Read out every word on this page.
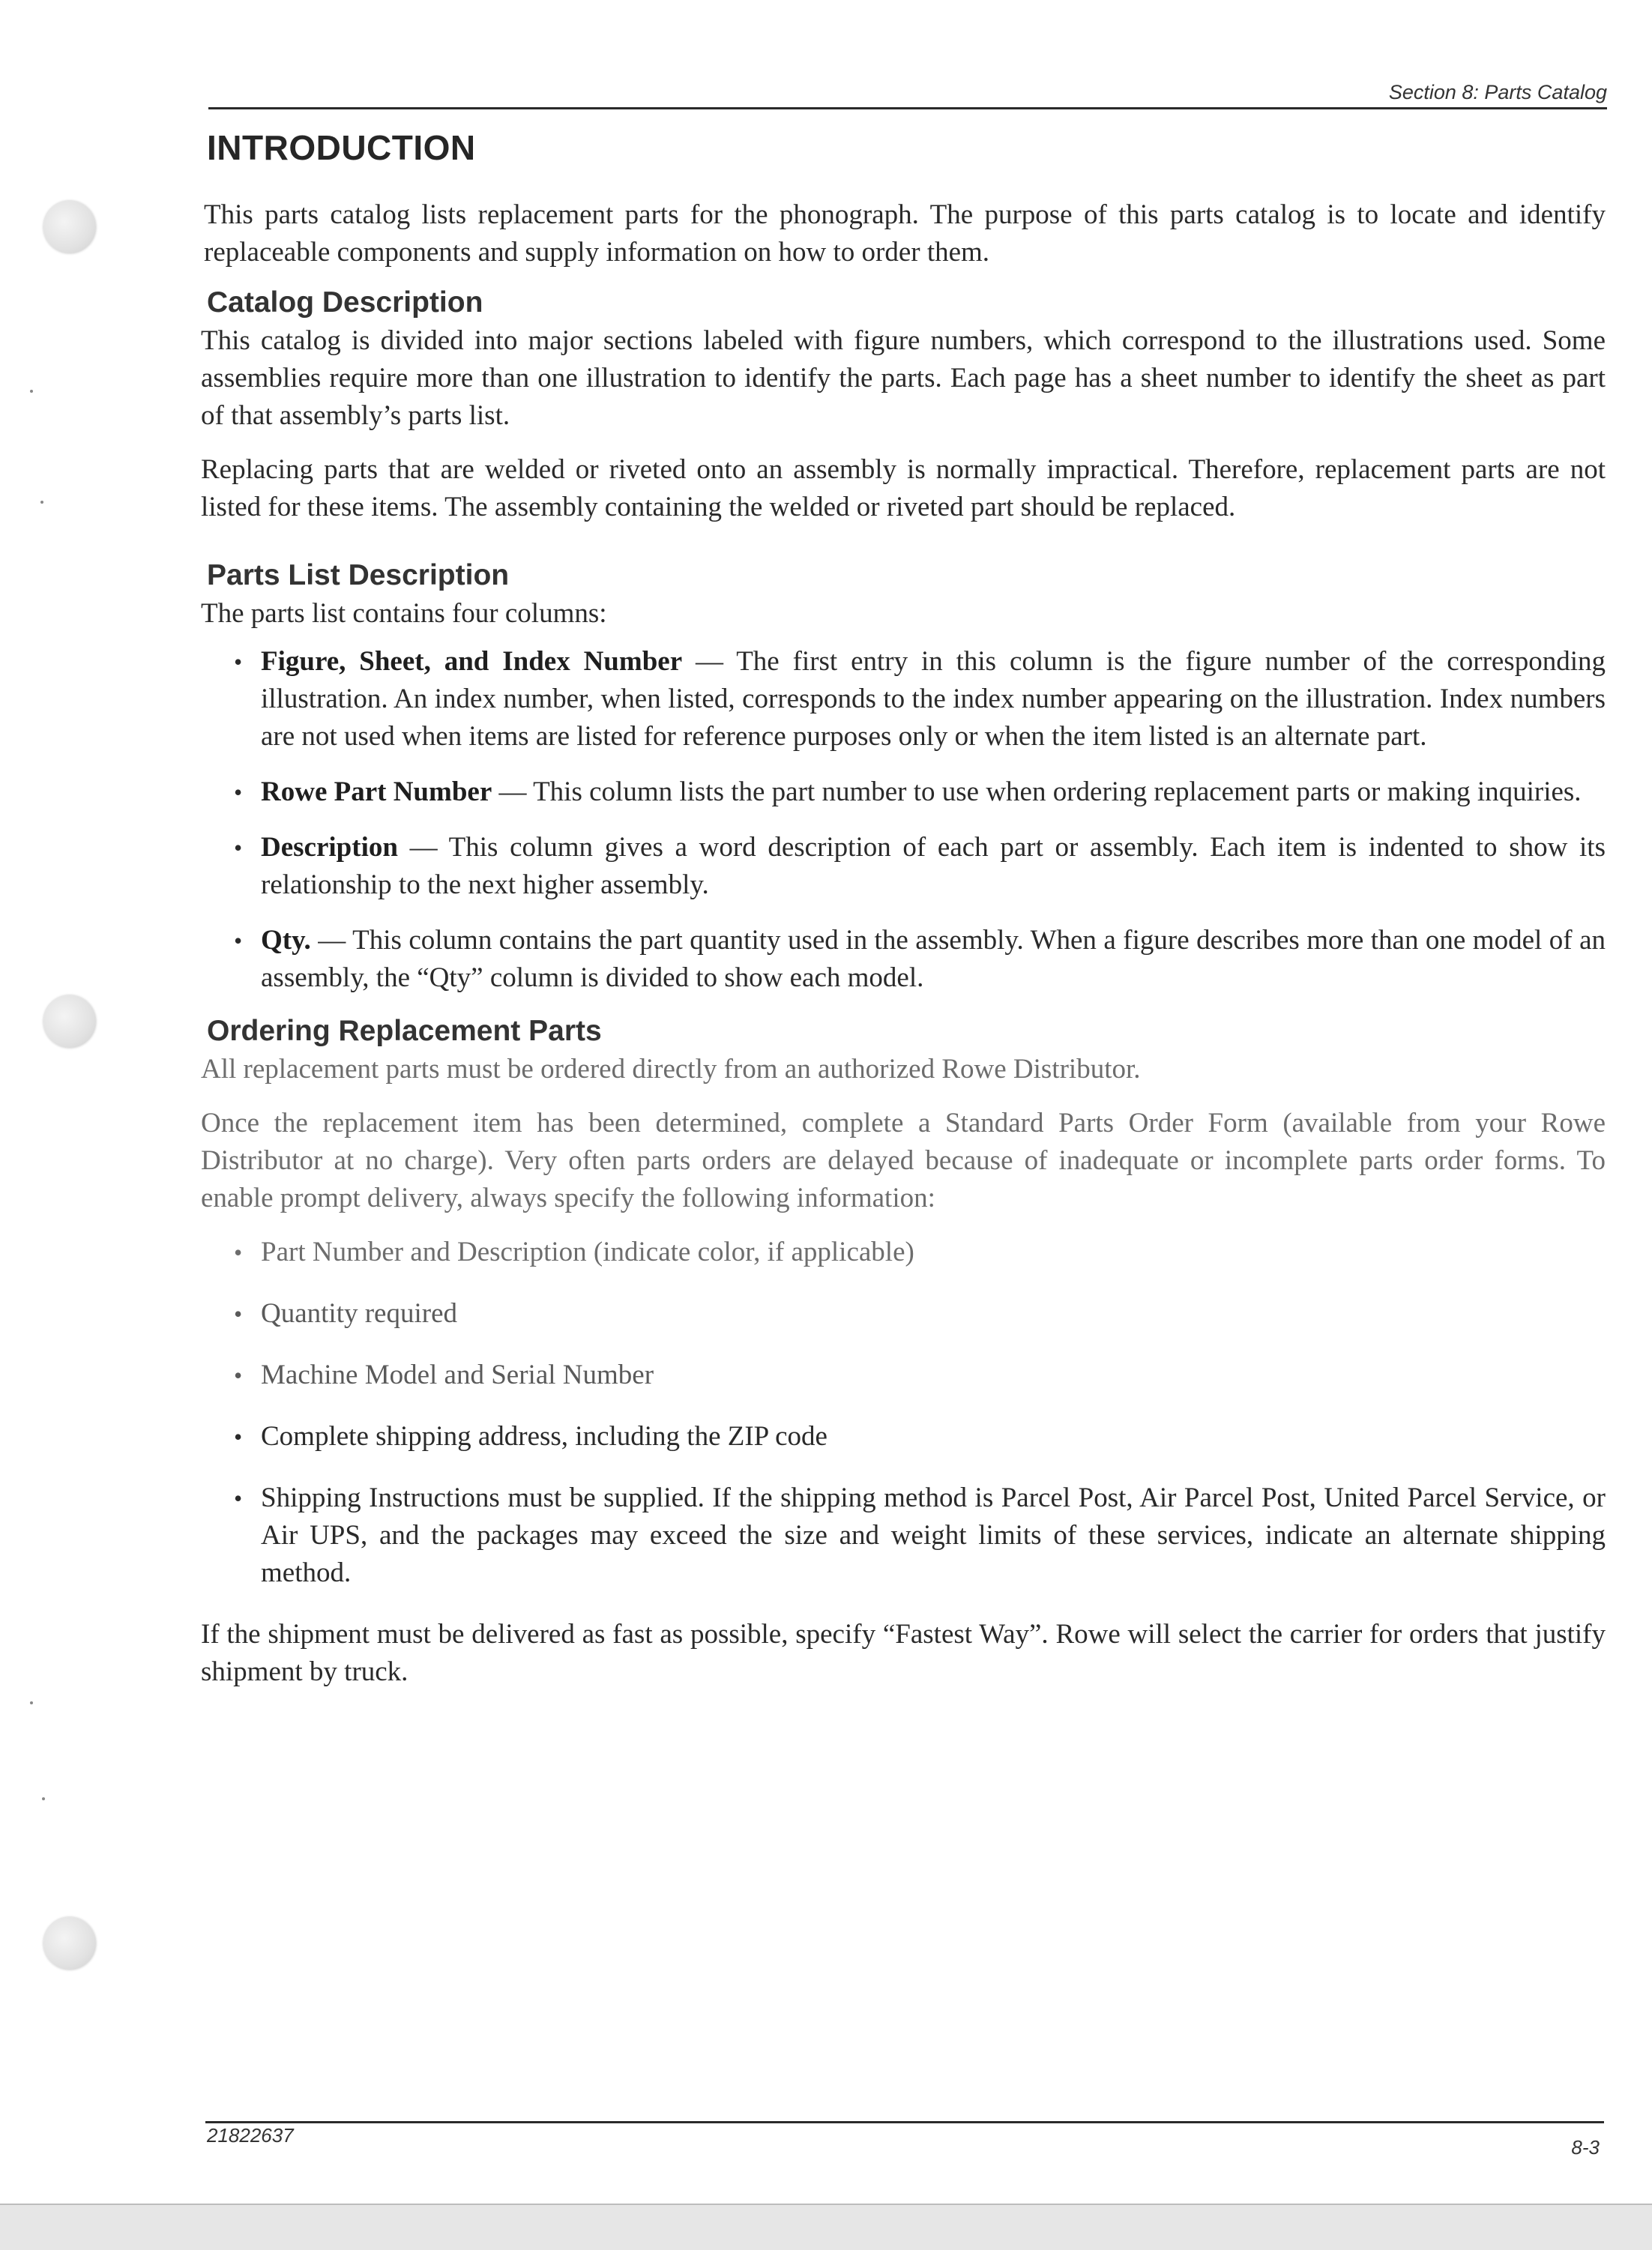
Section 8: Parts Catalog
INTRODUCTION

This parts catalog lists replacement parts for the phonograph. The purpose of this parts catalog is to locate and identify replaceable components and supply information on how to order them.

Catalog Description

This catalog is divided into major sections labeled with figure numbers, which correspond to the illustrations used. Some assemblies require more than one illustration to identify the parts. Each page has a sheet number to identify the sheet as part of that assembly’s parts list.

Replacing parts that are welded or riveted onto an assembly is normally impractical. Therefore, replacement parts are not listed for these items. The assembly containing the welded or riveted part should be replaced.

Parts List Description

The parts list contains four columns:

• Figure, Sheet, and Index Number — The first entry in this column is the figure number of the corresponding illustration. An index number, when listed, corresponds to the index number appearing on the illustration. Index numbers are not used when items are listed for reference purposes only or when the item listed is an alternate part.
• Rowe Part Number — This column lists the part number to use when ordering replacement parts or making inquiries.
• Description — This column gives a word description of each part or assembly. Each item is indented to show its relationship to the next higher assembly.
• Qty. — This column contains the part quantity used in the assembly. When a figure describes more than one model of an assembly, the “Qty” column is divided to show each model.
Ordering Replacement Parts

All replacement parts must be ordered directly from an authorized Rowe Distributor.

Once the replacement item has been determined, complete a Standard Parts Order Form (available from your Rowe Distributor at no charge). Very often parts orders are delayed because of inadequate or incomplete parts order forms. To enable prompt delivery, always specify the following information:

• Part Number and Description (indicate color, if applicable)
• Quantity required
• Machine Model and Serial Number
• Complete shipping address, including the ZIP code
• Shipping Instructions must be supplied. If the shipping method is Parcel Post, Air Parcel Post, United Parcel Service, or Air UPS, and the packages may exceed the size and weight limits of these services, indicate an alternate shipping method.

If the shipment must be delivered as fast as possible, specify “Fastest Way”. Rowe will select the carrier for orders that justify shipment by truck.

21822637
8-3
